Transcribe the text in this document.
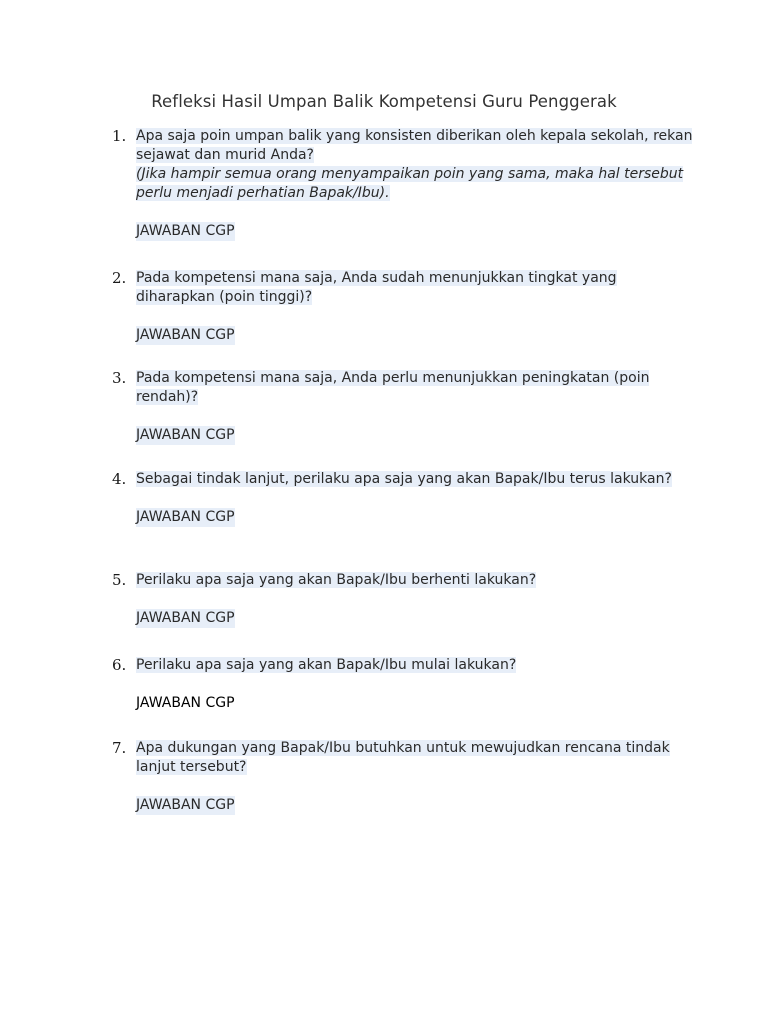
Refleksi Hasil Umpan Balik Kompetensi Guru Penggerak
1. Apa saja poin umpan balik yang konsisten diberikan oleh kepala sekolah, rekan sejawat dan murid Anda?
(Jika hampir semua orang menyampaikan poin yang sama, maka hal tersebut perlu menjadi perhatian Bapak/Ibu).
JAWABAN CGP
2. Pada kompetensi mana saja, Anda sudah menunjukkan tingkat yang diharapkan (poin tinggi)?
JAWABAN CGP
3. Pada kompetensi mana saja, Anda perlu menunjukkan peningkatan (poin rendah)?
JAWABAN CGP
4. Sebagai tindak lanjut, perilaku apa saja yang akan Bapak/Ibu terus lakukan?
JAWABAN CGP
5. Perilaku apa saja yang akan Bapak/Ibu berhenti lakukan?
JAWABAN CGP
6. Perilaku apa saja yang akan Bapak/Ibu mulai lakukan?
JAWABAN CGP
7. Apa dukungan yang Bapak/Ibu butuhkan untuk mewujudkan rencana tindak lanjut tersebut?
JAWABAN CGP
